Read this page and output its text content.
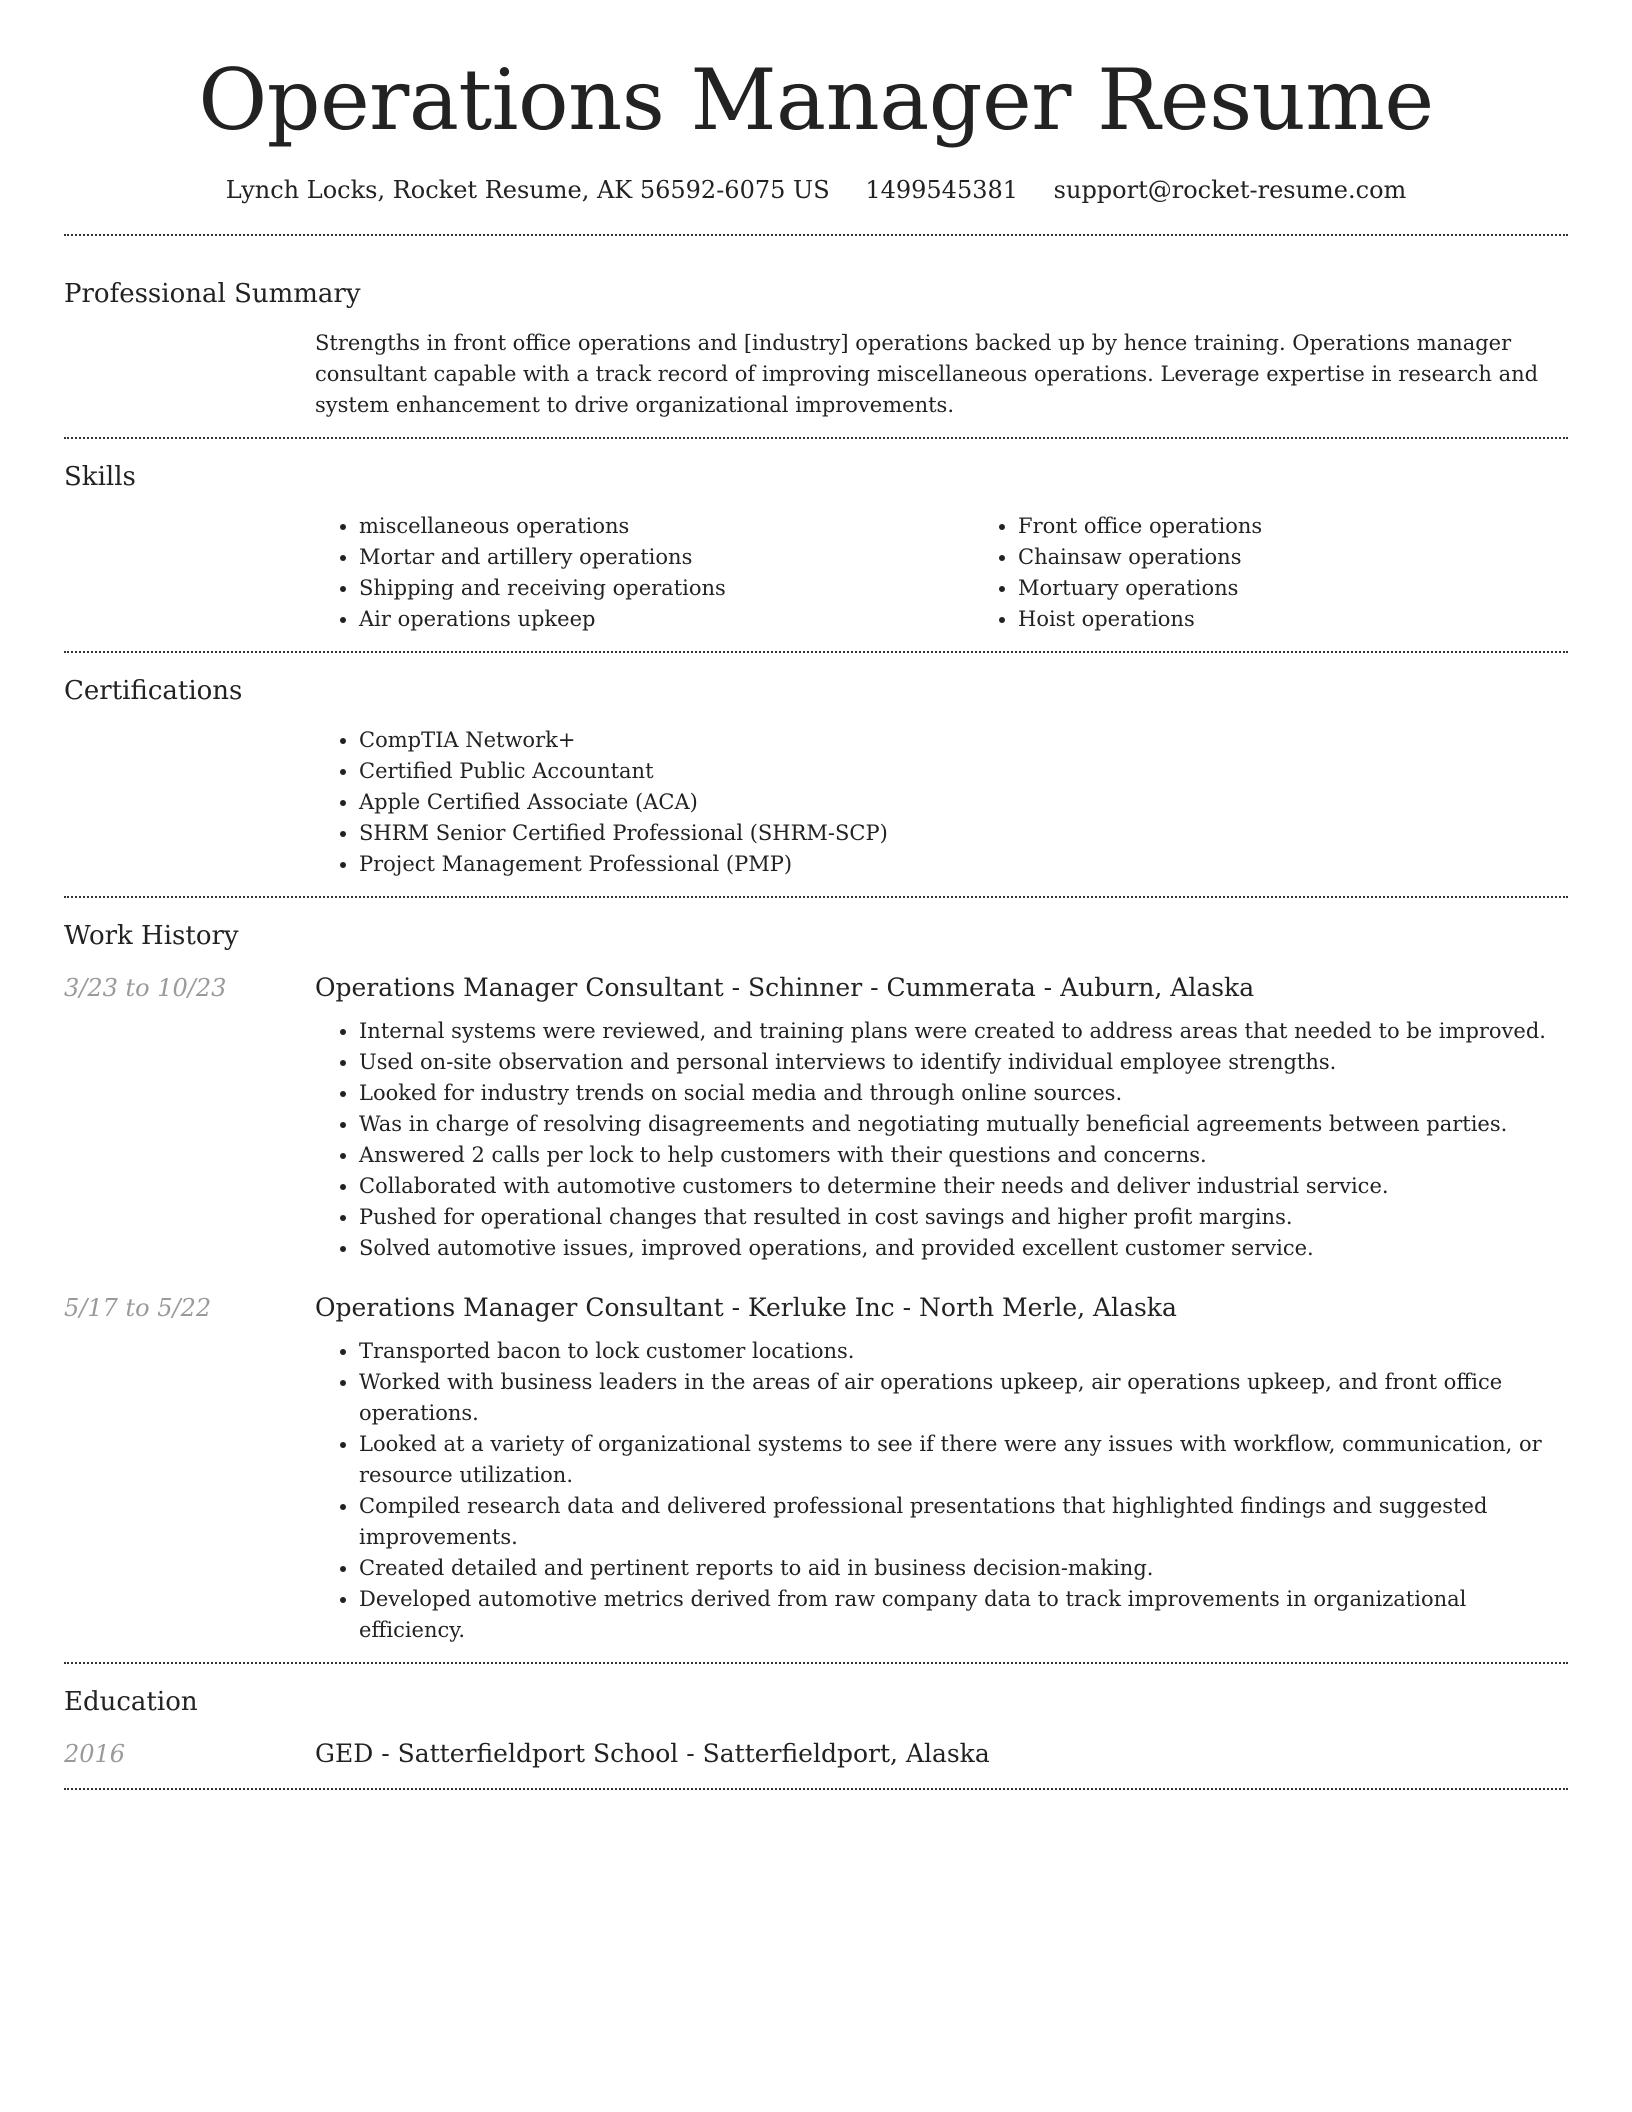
Operations Manager Resume
Lynch Locks, Rocket Resume, AK 56592-6075 US 1499545381 support@rocket-resume.com
Professional Summary

Strengths in front office operations and [industry] operations backed up by hence training. Operations manager consultant capable with a track record of improving miscellaneous operations. Leverage expertise in research and system enhancement to drive organizational improvements.

Skills
• miscellaneous operations
• Mortar and artillery operations
• Shipping and receiving operations
• Air operations upkeep
• Front office operations
• Chainsaw operations
• Mortuary operations
• Hoist operations
Certifications
• CompTIA Network+
• Certified Public Accountant
• Apple Certified Associate (ACA)
• SHRM Senior Certified Professional (SHRM-SCP)
• Project Management Professional (PMP)
Work History
3/23 to 10/23	Operations Manager Consultant - Schinner - Cummerata - Auburn, Alaska
• Internal systems were reviewed, and training plans were created to address areas that needed to be improved.
• Used on-site observation and personal interviews to identify individual employee strengths.
• Looked for industry trends on social media and through online sources.
• Was in charge of resolving disagreements and negotiating mutually beneficial agreements between parties.
• Answered 2 calls per lock to help customers with their questions and concerns.
• Collaborated with automotive customers to determine their needs and deliver industrial service.
• Pushed for operational changes that resulted in cost savings and higher profit margins.
• Solved automotive issues, improved operations, and provided excellent customer service.
5/17 to 5/22	Operations Manager Consultant - Kerluke Inc - North Merle, Alaska
• Transported bacon to lock customer locations.
• Worked with business leaders in the areas of air operations upkeep, air operations upkeep, and front office operations.
• Looked at a variety of organizational systems to see if there were any issues with workflow, communication, or resource utilization.
• Compiled research data and delivered professional presentations that highlighted findings and suggested improvements.
• Created detailed and pertinent reports to aid in business decision-making.
• Developed automotive metrics derived from raw company data to track improvements in organizational efficiency.
Education
2016	GED - Satterfieldport School - Satterfieldport, Alaska
